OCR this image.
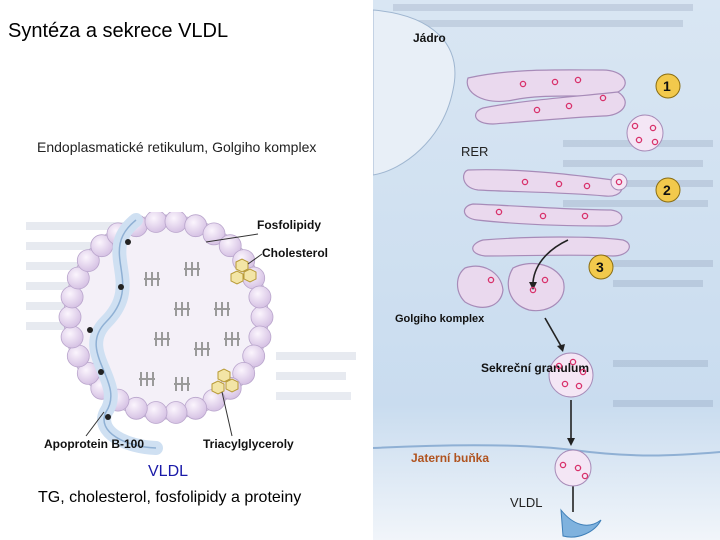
Syntéza a sekrece VLDL
Endoplasmatické retikulum, Golgiho komplex
VLDL
TG, cholesterol, fosfolipidy a proteiny
Fosfolipidy
Cholesterol
Apoprotein B-100	Triacylglyceroly
Jádro
RER
Golgiho komplex
Sekreční granulum
1
2
3
Jaterní buňka
VLDL
